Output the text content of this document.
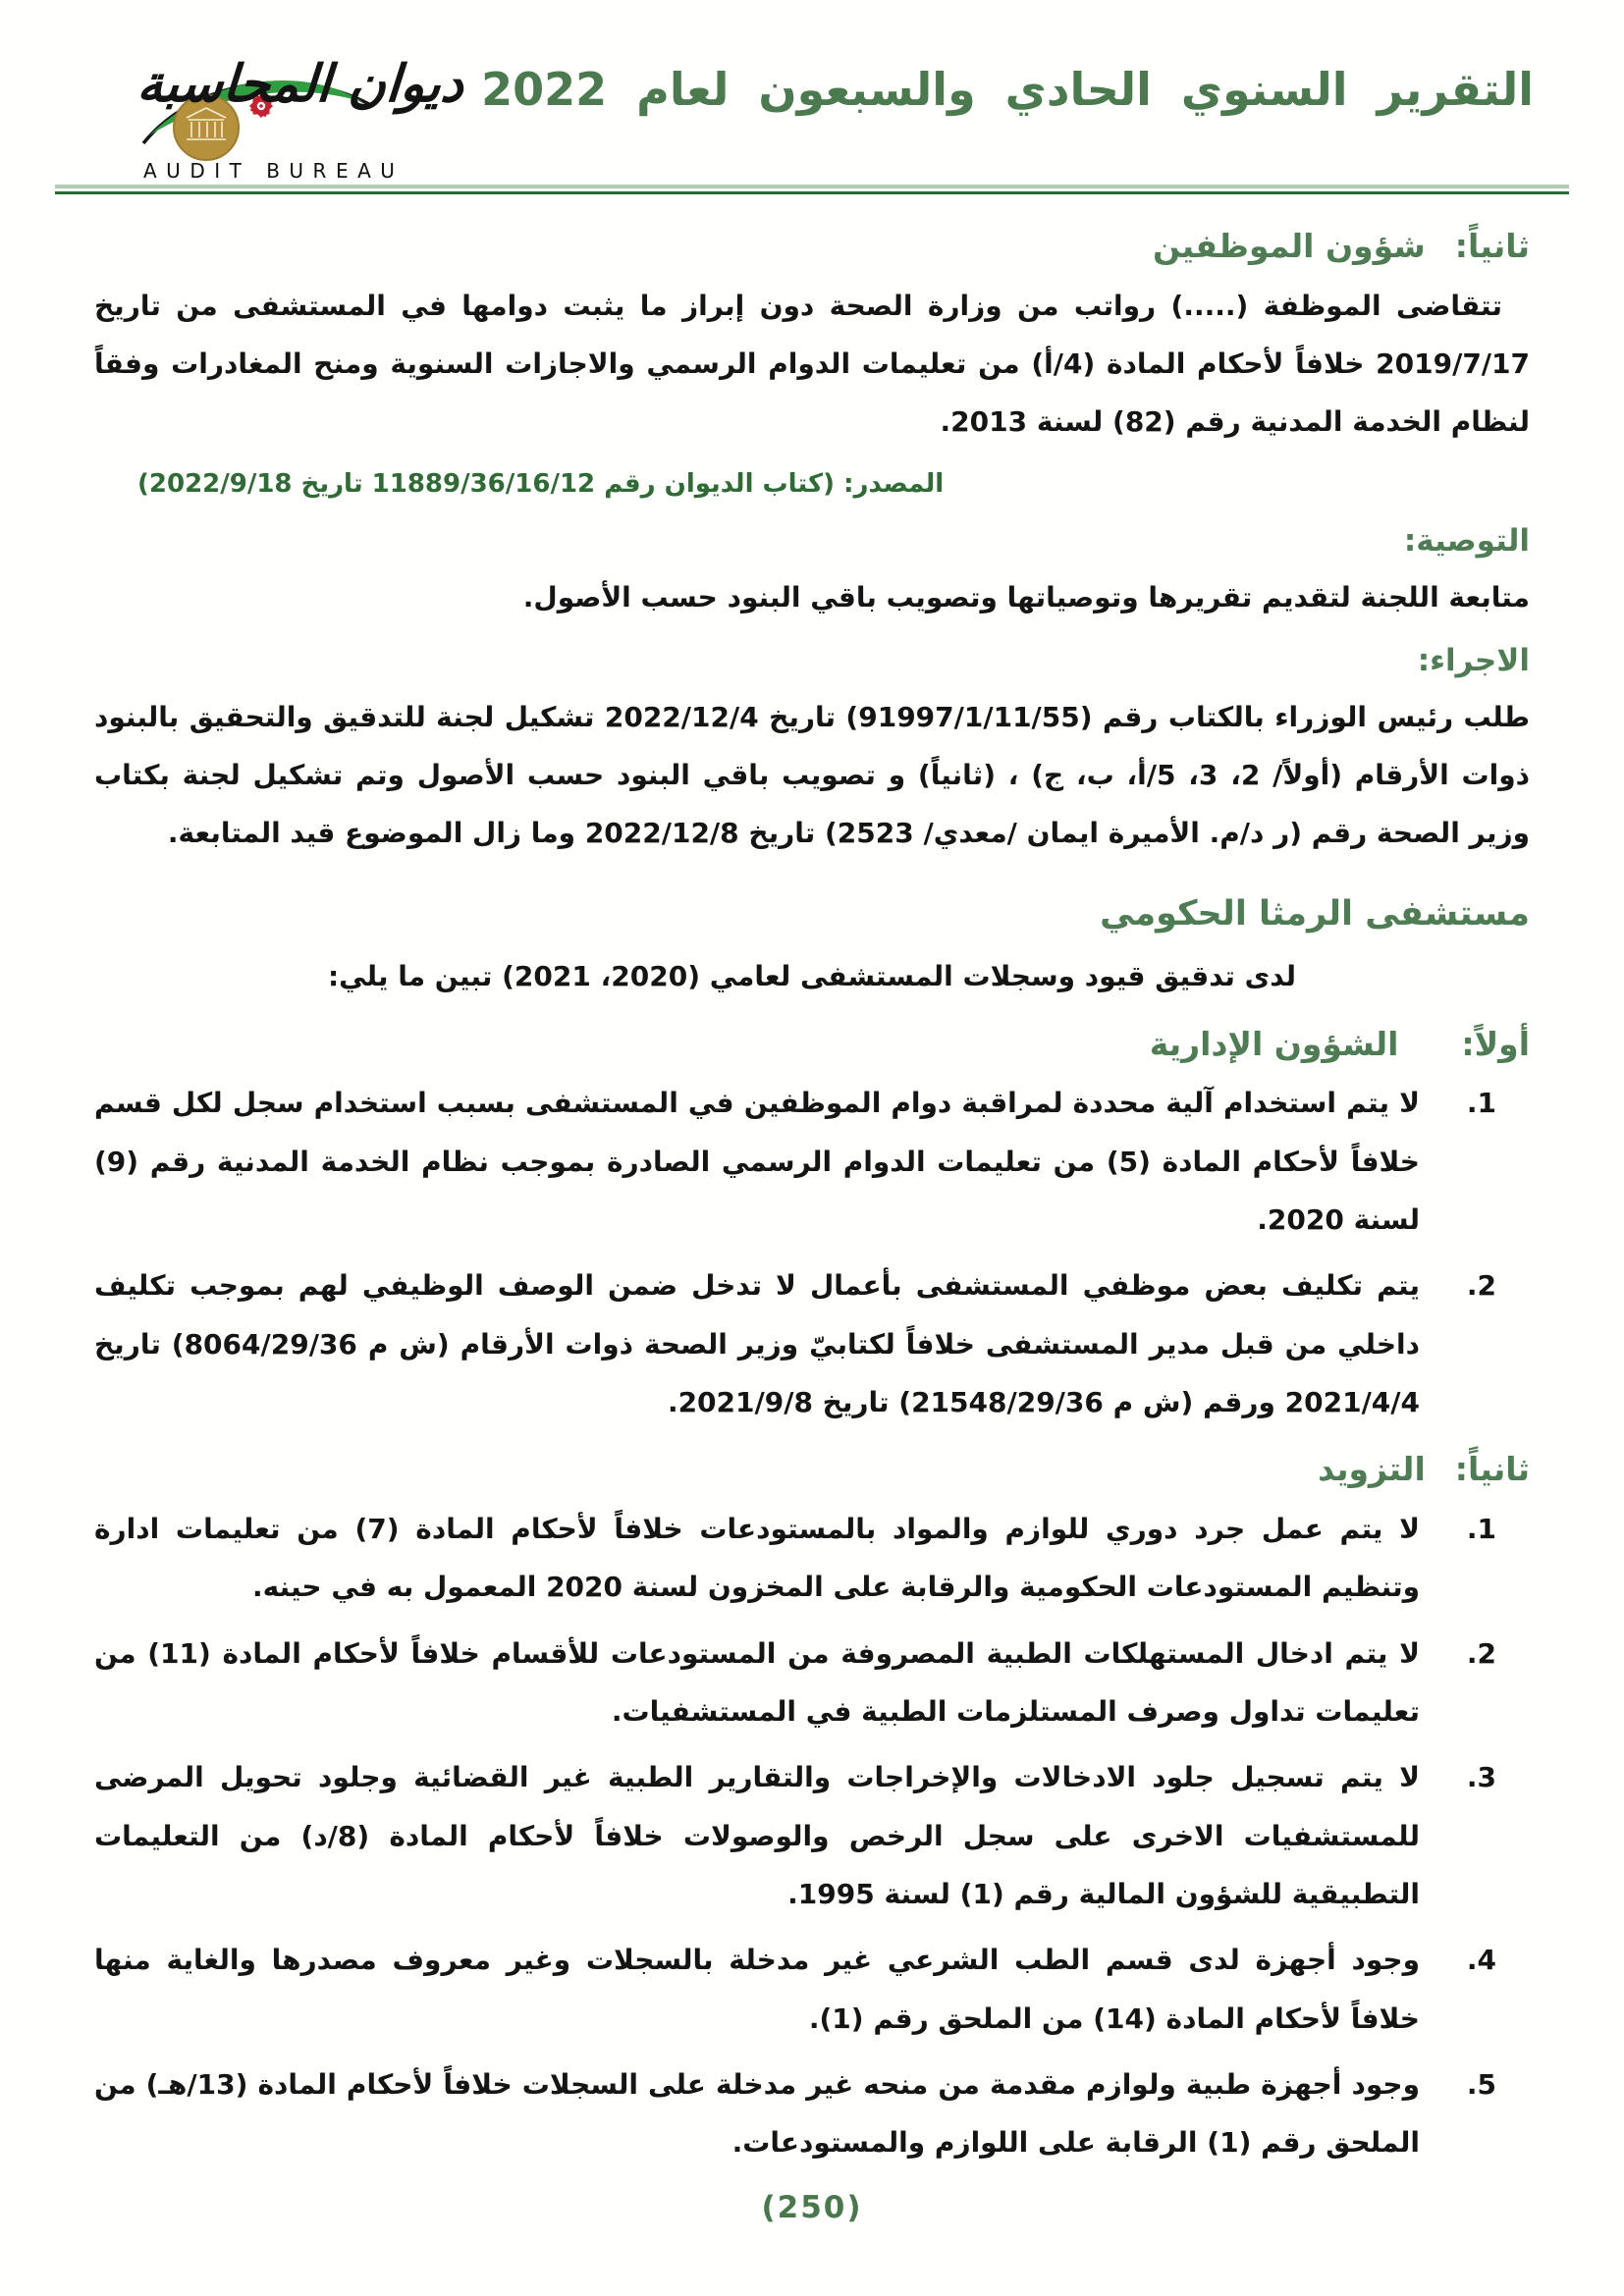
ديوان المحاسبة
AUDIT BUREAU
التقرير السنوي الحادي والسبعون لعام 2022
ثانياً:شؤون الموظفين
تتقاضى الموظفة (.....) رواتب من وزارة الصحة دون إبراز ما يثبت دوامها في المستشفى من تاريخ 2019/7/17 خلافاً لأحكام المادة (4/أ) من تعليمات الدوام الرسمي والاجازات السنوية ومنح المغادرات وفقاً لنظام الخدمة المدنية رقم (82) لسنة 2013.
المصدر: (كتاب الديوان رقم 11889/36/16/12 تاريخ 2022/9/18)
التوصية:
متابعة اللجنة لتقديم تقريرها وتوصياتها وتصويب باقي البنود حسب الأصول.
الاجراء:
طلب رئيس الوزراء بالكتاب رقم (91997/1/11/55) تاريخ 2022/12/4 تشكيل لجنة للتدقيق والتحقيق بالبنود ذوات الأرقام (أولاً/ 2، 3، 5/أ، ب، ج) ، (ثانياً) و تصويب باقي البنود حسب الأصول وتم تشكيل لجنة بكتاب وزير الصحة رقم (ر د/م. الأميرة ايمان /معدي/ 2523) تاريخ 2022/12/8 وما زال الموضوع قيد المتابعة.
مستشفى الرمثا الحكومي
لدى تدقيق قيود وسجلات المستشفى لعامي (2020، 2021) تبين ما يلي:
أولاً:الشؤون الإدارية
1.
لا يتم استخدام آلية محددة لمراقبة دوام الموظفين في المستشفى بسبب استخدام سجل لكل قسم خلافاً لأحكام المادة (5) من تعليمات الدوام الرسمي الصادرة بموجب نظام الخدمة المدنية رقم (9) لسنة 2020.
2.
يتم تكليف بعض موظفي المستشفى بأعمال لا تدخل ضمن الوصف الوظيفي لهم بموجب تكليف داخلي من قبل مدير المستشفى خلافاً لكتابيّ وزير الصحة ذوات الأرقام (ش م 8064/29/36) تاريخ 2021/4/4 ورقم (ش م 21548/29/36) تاريخ 2021/9/8.
ثانياً:التزويد
1.
لا يتم عمل جرد دوري للوازم والمواد بالمستودعات خلافاً لأحكام المادة (7) من تعليمات ادارة وتنظيم المستودعات الحكومية والرقابة على المخزون لسنة 2020 المعمول به في حينه.
2.
لا يتم ادخال المستهلكات الطبية المصروفة من المستودعات للأقسام خلافاً لأحكام المادة (11) من تعليمات تداول وصرف المستلزمات الطبية في المستشفيات.
3.
لا يتم تسجيل جلود الادخالات والإخراجات والتقارير الطبية غير القضائية وجلود تحويل المرضى للمستشفيات الاخرى على سجل الرخص والوصولات خلافاً لأحكام المادة (8/د) من التعليمات التطبيقية للشؤون المالية رقم (1) لسنة 1995.
4.
وجود أجهزة لدى قسم الطب الشرعي غير مدخلة بالسجلات وغير معروف مصدرها والغاية منها خلافاً لأحكام المادة (14) من الملحق رقم (1).
5.
وجود أجهزة طبية ولوازم مقدمة من منحه غير مدخلة على السجلات خلافاً لأحكام المادة (13/هـ) من الملحق رقم (1) الرقابة على اللوازم والمستودعات.
(250)
